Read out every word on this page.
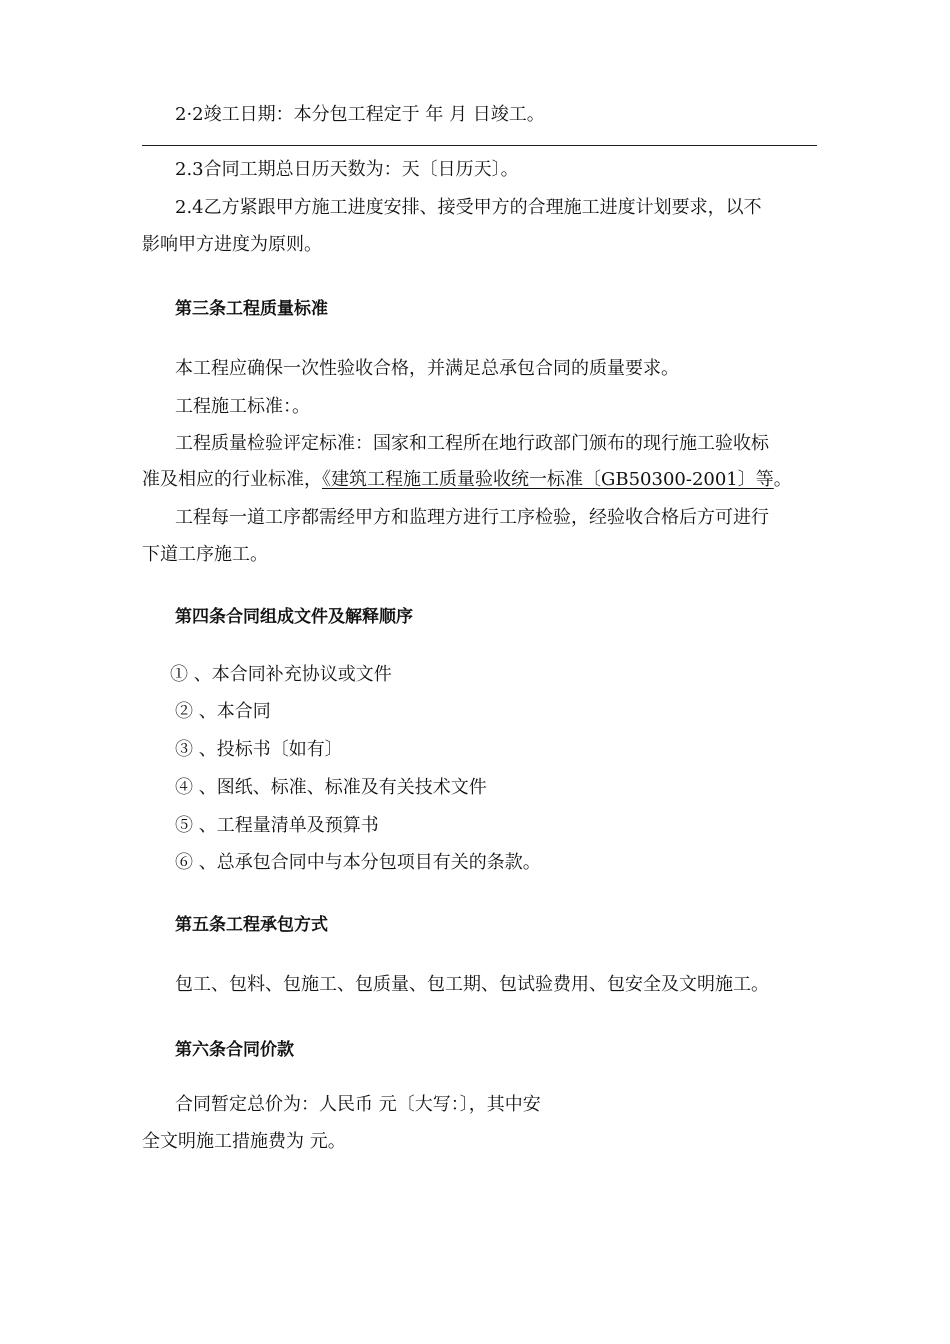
2·2竣工日期：本分包工程定于 年 月 日竣工。
2.3合同工期总日历天数为：天〔日历天〕。
2.4乙方紧跟甲方施工进度安排、接受甲方的合理施工进度计划要求，以不
影响甲方进度为原则。
第三条工程质量标准
本工程应确保一次性验收合格，并满足总承包合同的质量要求。
工程施工标准：。
工程质量检验评定标准：国家和工程所在地行政部门颁布的现行施工验收标
准及相应的行业标准，《建筑工程施工质量验收统一标准〔GB50300-2001〕等。
工程每一道工序都需经甲方和监理方进行工序检验，经验收合格后方可进行
下道工序施工。
第四条合同组成文件及解释顺序
① 、本合同补充协议或文件
② 、本合同
③ 、投标书〔如有〕
④ 、图纸、标准、标准及有关技术文件
⑤ 、工程量清单及预算书
⑥ 、总承包合同中与本分包项目有关的条款。
第五条工程承包方式
包工、包料、包施工、包质量、包工期、包试验费用、包安全及文明施工。
第六条合同价款
合同暂定总价为：人民币 元〔大写：〕，其中安
全文明施工措施费为 元。
